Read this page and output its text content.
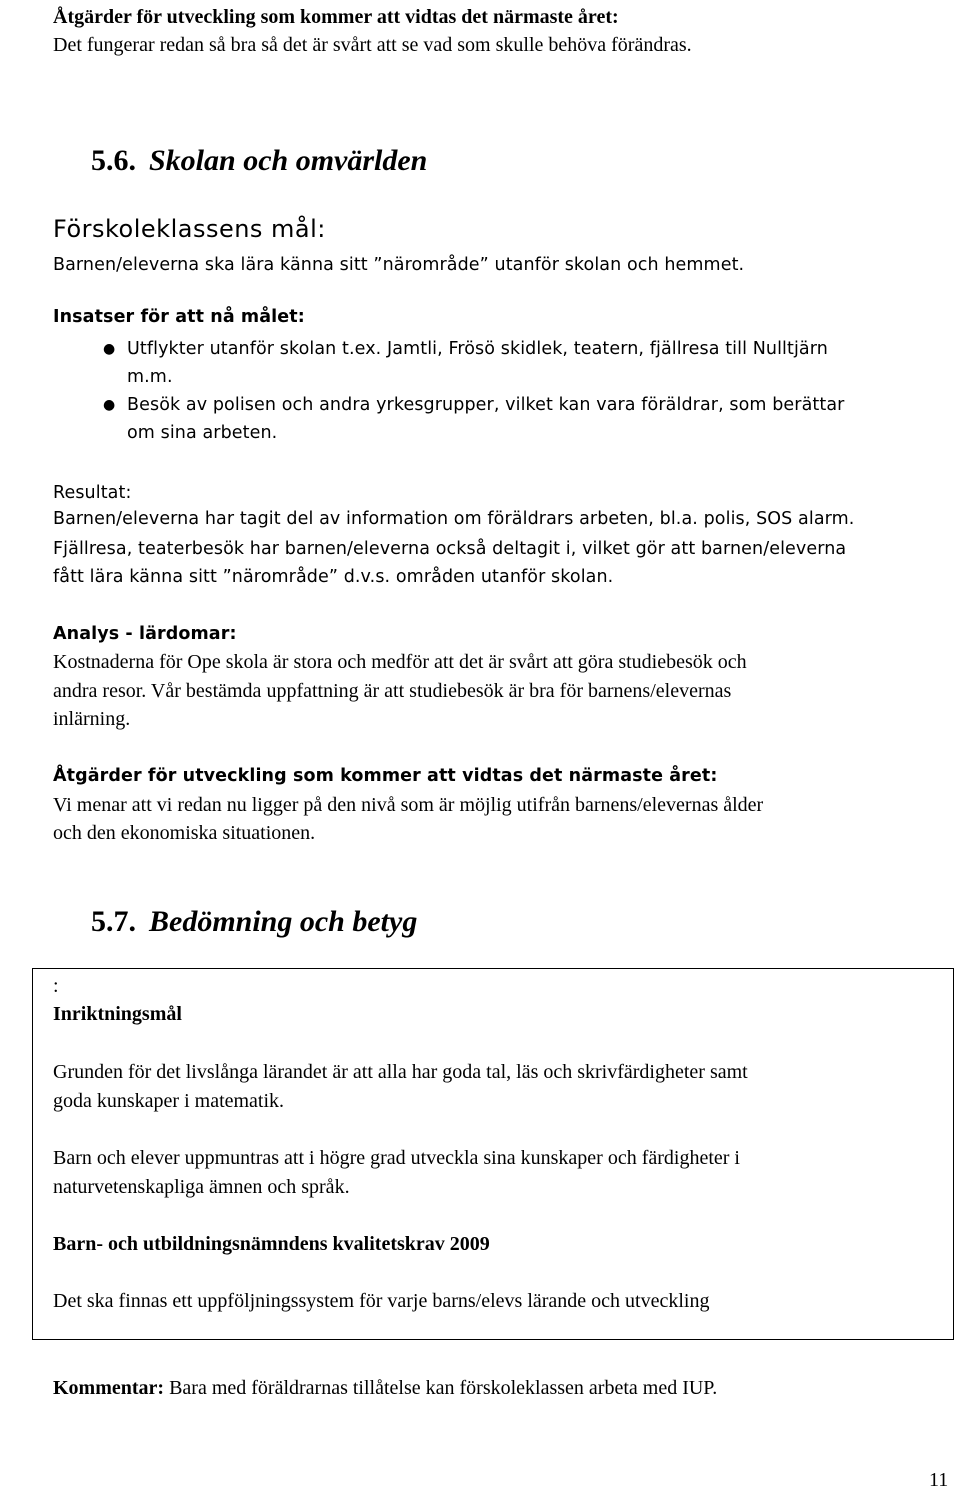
Åtgärder för utveckling som kommer att vidtas det närmaste året:
Det fungerar redan så bra så det är svårt att se vad som skulle behöva förändras.
5.6. Skolan och omvärlden
Förskoleklassens mål:
Barnen/eleverna ska lära känna sitt ”närområde” utanför skolan och hemmet.
Insatser för att nå målet:
● Utflykter utanför skolan t.ex. Jamtli, Frösö skidlek, teatern, fjällresa till Nulltjärn
m.m.
● Besök av polisen och andra yrkesgrupper, vilket kan vara föräldrar, som berättar
om sina arbeten.
Resultat:
Barnen/eleverna har tagit del av information om föräldrars arbeten, bl.a. polis, SOS alarm.
Fjällresa, teaterbesök har barnen/eleverna också deltagit i, vilket gör att barnen/eleverna
fått lära känna sitt ”närområde” d.v.s. områden utanför skolan.
Analys - lärdomar:
Kostnaderna för Ope skola är stora och medför att det är svårt att göra studiebesök och
andra resor. Vår bestämda uppfattning är att studiebesök är bra för barnens/elevernas
inlärning.
Åtgärder för utveckling som kommer att vidtas det närmaste året:
Vi menar att vi redan nu ligger på den nivå som är möjlig utifrån barnens/elevernas ålder
och den ekonomiska situationen.
5.7. Bedömning och betyg
:
Inriktningsmål
Grunden för det livslånga lärandet är att alla har goda tal, läs och skrivfärdigheter samt
goda kunskaper i matematik.
Barn och elever uppmuntras att i högre grad utveckla sina kunskaper och färdigheter i
naturvetenskapliga ämnen och språk.
Barn- och utbildningsnämndens kvalitetskrav 2009
Det ska finnas ett uppföljningssystem för varje barns/elevs lärande och utveckling
Kommentar: Bara med föräldrarnas tillåtelse kan förskoleklassen arbeta med IUP.
11
